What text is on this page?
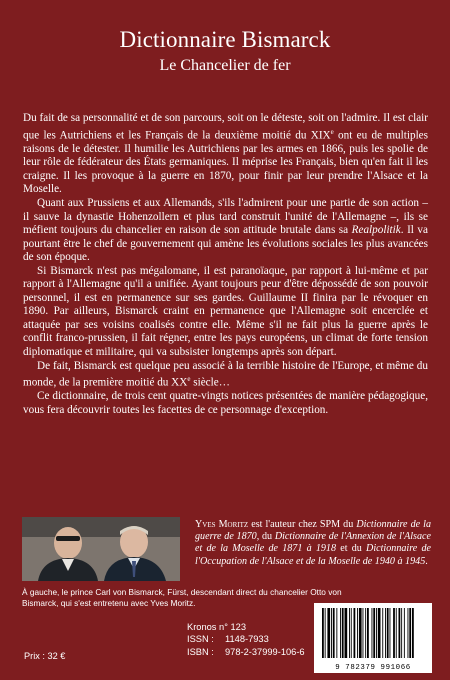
Dictionnaire Bismarck
Le Chancelier de fer

Du fait de sa personnalité et de son parcours, soit on le déteste, soit on l'admire. Il est clair que les Autrichiens et les Français de la deuxième moitié du XIXe ont eu de multiples raisons de le détester. Il humilie les Autrichiens par les armes en 1866, puis les spolie de leur rôle de fédérateur des États germaniques. Il méprise les Français, bien qu'en fait il les craigne. Il les provoque à la guerre en 1870, pour finir par leur prendre l'Alsace et la Moselle.

Quant aux Prussiens et aux Allemands, s'ils l'admirent pour une partie de son action – il sauve la dynastie Hohenzollern et plus tard construit l'unité de l'Allemagne –, ils se méfient toujours du chancelier en raison de son attitude brutale dans sa Realpolitik. Il va pourtant être le chef de gouvernement qui amène les évolutions sociales les plus avancées de son époque.

Si Bismarck n'est pas mégalomane, il est paranoïaque, par rapport à lui-même et par rapport à l'Allemagne qu'il a unifiée. Ayant toujours peur d'être dépossédé de son pouvoir personnel, il est en permanence sur ses gardes. Guillaume II finira par le révoquer en 1890. Par ailleurs, Bismarck craint en permanence que l'Allemagne soit encerclée et attaquée par ses voisins coalisés contre elle. Même s'il ne fait plus la guerre après le conflit franco-prussien, il fait régner, entre les pays européens, un climat de forte tension diplomatique et militaire, qui va subsister longtemps après son départ.

De fait, Bismarck est quelque peu associé à la terrible histoire de l'Europe, et même du monde, de la première moitié du XXe siècle…

Ce dictionnaire, de trois cent quatre-vingts notices présentées de manière pédagogique, vous fera découvrir toutes les facettes de ce personnage d'exception.

Yves Moritz est l'auteur chez SPM du Dictionnaire de la guerre de 1870, du Dictionnaire de l'Annexion de l'Alsace et de la Moselle de 1871 à 1918 et du Dictionnaire de l'Occupation de l'Alsace et de la Moselle de 1940 à 1945.
À gauche, le prince Carl von Bismarck, Fürst, descendant direct du chancelier Otto von Bismarck, qui s'est entretenu avec Yves Moritz.
Prix : 32 €
Kronos n° 123
ISSN : 1148-7933
ISBN : 978-2-37999-106-6
9 782379 991066
